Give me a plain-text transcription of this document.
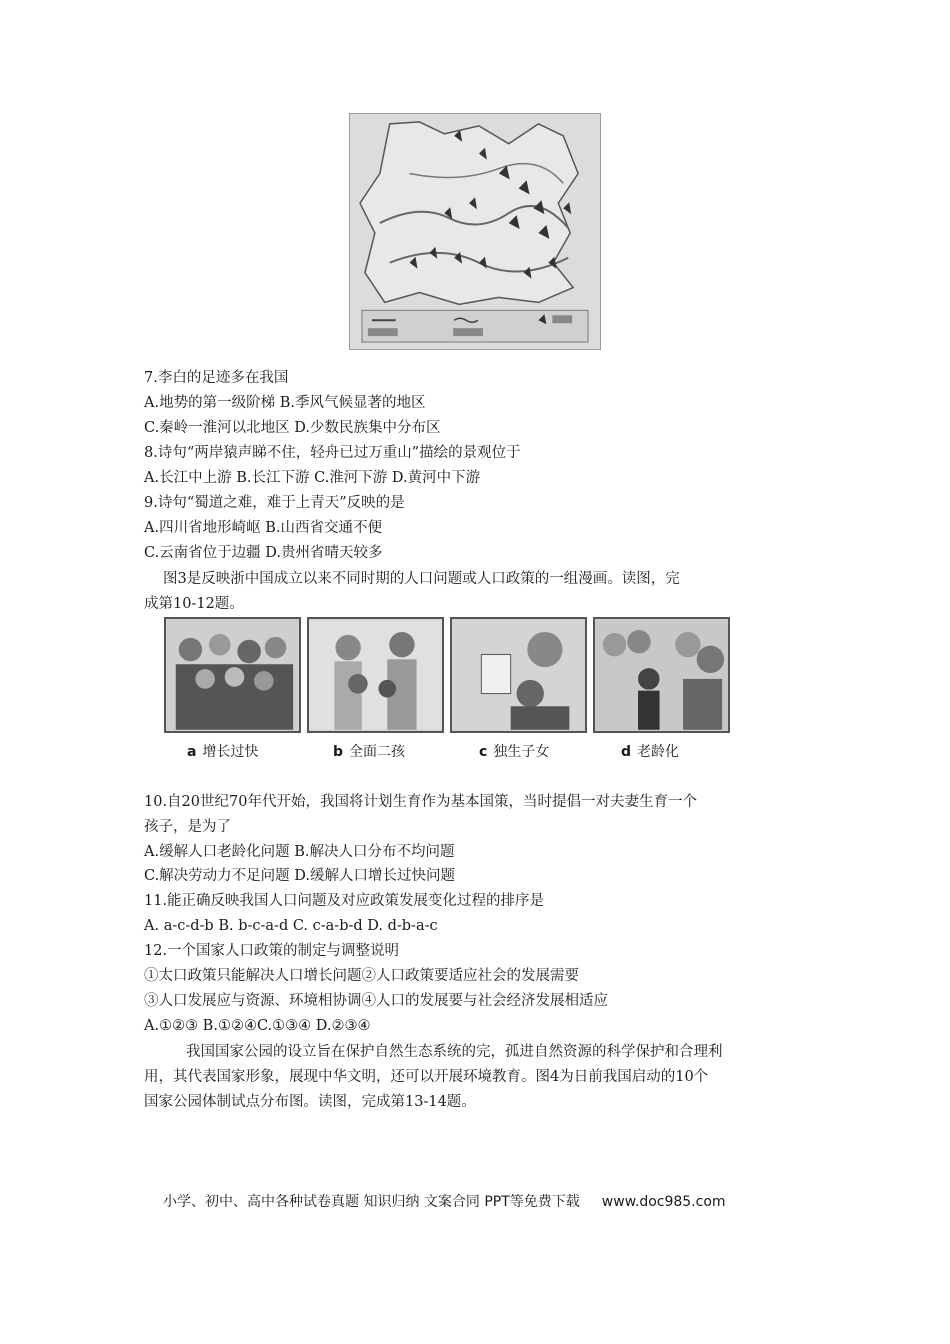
7.李白的足迹多在我国
A.地势的第一级阶梯 B.季风气候显著的地区
C.秦岭一淮河以北地区 D.少数民族集中分布区
8.诗句“两岸猿声睇不住，轻舟已过万重山”描绘的景观位于
A.长江中上游 B.长江下游 C.淮河下游 D.黄河中下游
9.诗句“蜀道之难，难于上青天”反映的是
A.四川省地形崎岖 B.山西省交通不便
C.云南省位于边疆 D.贵州省晴天较多
图3是反映浙中国成立以来不同时期的人口问题或人口政策的一组漫画。读图，完
成第10-12题。
a 增长过快	b 全面二孩	c 独生子女	d 老龄化
10.自20世纪70年代开始，我国将计划生育作为基本国策，当时提倡一对夫妻生育一个
孩子，是为了
A.缓解人口老龄化问题 B.解决人口分布不均问题
C.解决劳动力不足问题 D.缓解人口增长过快问题
11.能正确反映我国人口问题及对应政策发展变化过程的排序是
A. a-c-d-b B. b-c-a-d C. c-a-b-d D. d-b-a-c
12.一个国家人口政策的制定与调整说明
①太口政策只能解决人口增长问题②人口政策要适应社会的发展需要
③人口发展应与资源、环境相协调④人口的发展要与社会经济发展相适应
A.①②③ B.①②④C.①③④ D.②③④
我国国家公园的设立旨在保护自然生态系统的完，孤进自然资源的科学保护和合理利
用，其代表国家形象，展现中华文明，还可以开展环境教育。图4为日前我国启动的10个
国家公园体制试点分布图。读图，完成第13-14题。
小学、初中、高中各种试卷真题 知识归纳 文案合同 PPT等免费下载 www.doc985.com
